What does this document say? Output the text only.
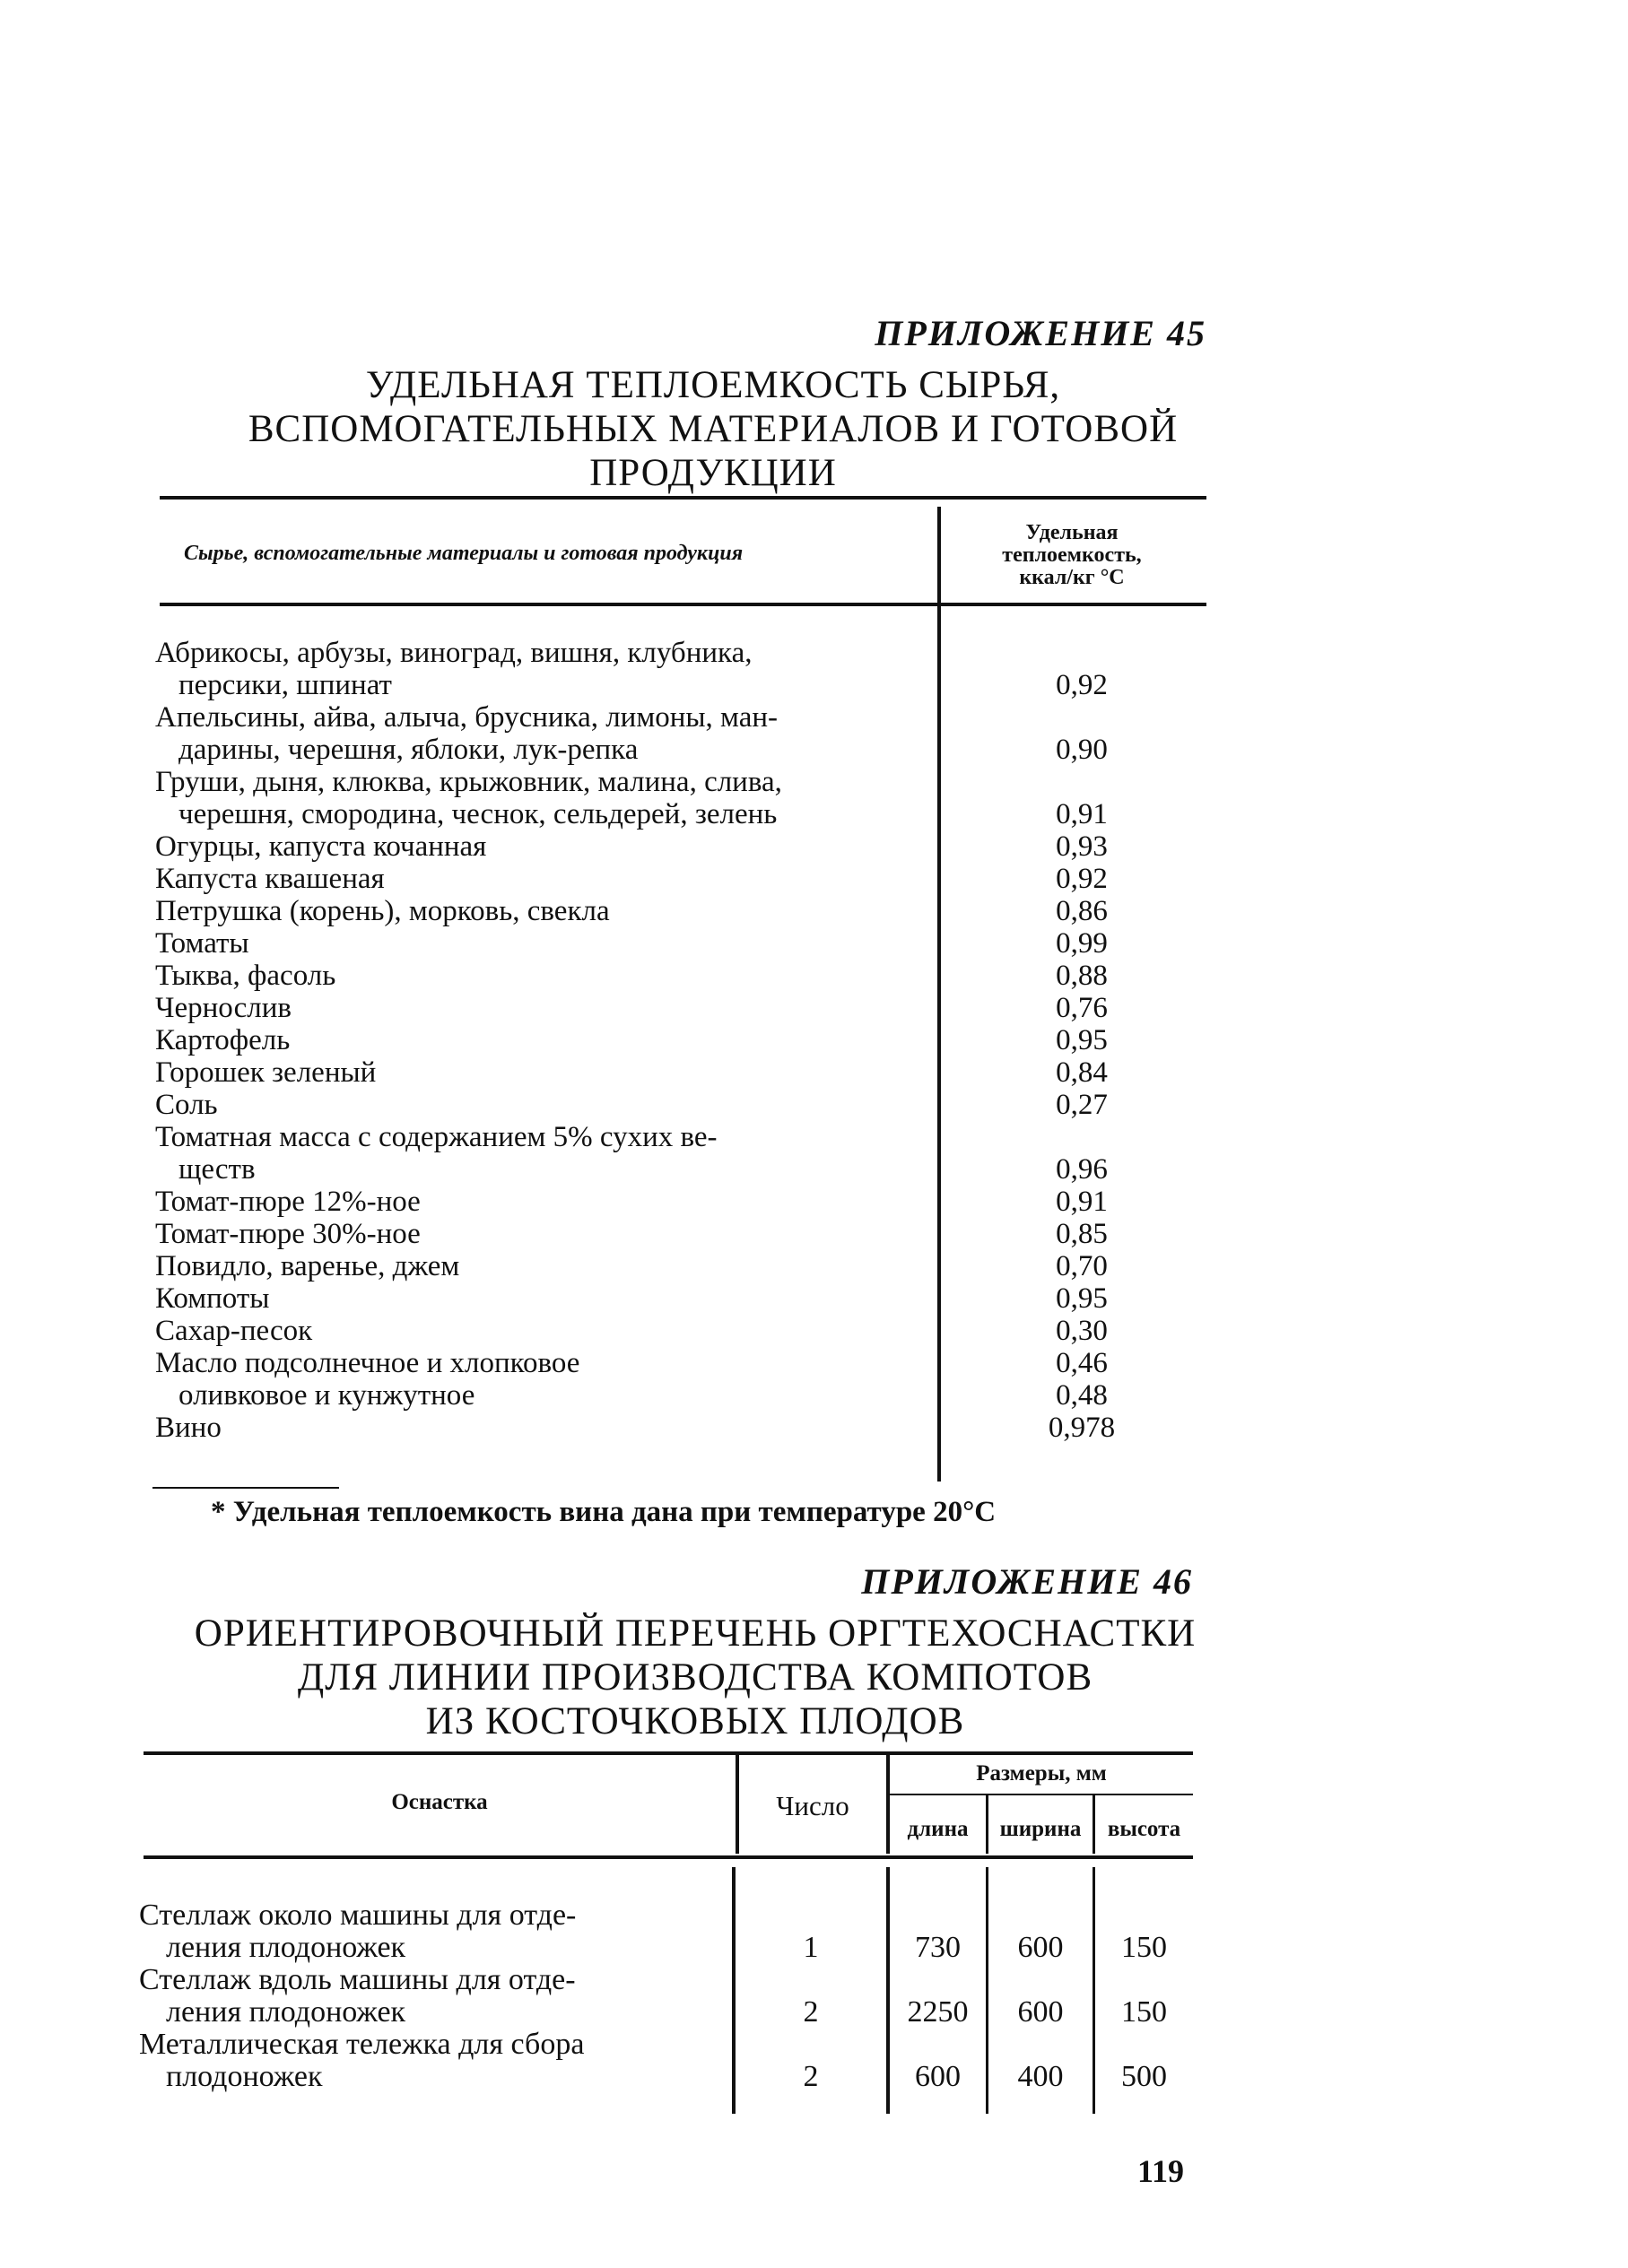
ПРИЛОЖЕНИЕ 45
УДЕЛЬНАЯ ТЕПЛОЕМКОСТЬ СЫРЬЯ,
ВСПОМОГАТЕЛЬНЫХ МАТЕРИАЛОВ И ГОТОВОЙ
ПРОДУКЦИИ
Сырье, вспомогательные материалы и готовая продукция
Удельная
теплоемкость,
ккал/кг °С
Абрикосы, арбузы, виноград, вишня, клубника,
персики, шпинат	0,92
Апельсины, айва, алыча, брусника, лимоны, ман-
дарины, черешня, яблоки, лук-репка	0,90
Груши, дыня, клюква, крыжовник, малина, слива,
черешня, смородина, чеснок, сельдерей, зелень	0,91
Огурцы, капуста кочанная	0,93
Капуста квашеная	0,92
Петрушка (корень), морковь, свекла	0,86
Томаты	0,99
Тыква, фасоль	0,88
Чернослив	0,76
Картофель	0,95
Горошек зеленый	0,84
Соль	0,27
Томатная масса с содержанием 5% сухих ве-
ществ	0,96
Томат-пюре 12%-ное	0,91
Томат-пюре 30%-ное	0,85
Повидло, варенье, джем	0,70
Компоты	0,95
Сахар-песок	0,30
Масло подсолнечное и хлопковое	0,46
оливковое и кунжутное	0,48
Вино	0,978
* Удельная теплоемкость вина дана при температуре 20°С
ПРИЛОЖЕНИЕ 46
ОРИЕНТИРОВОЧНЫЙ ПЕРЕЧЕНЬ ОРГТЕХОСНАСТКИ
ДЛЯ ЛИНИИ ПРОИЗВОДСТВА КОМПОТОВ
ИЗ КОСТОЧКОВЫХ ПЛОДОВ
Оснастка	Число
Размеры, мм
длина	ширина	высота
Стеллаж около машины для отде-
ления плодоножек	1	730	600	150
Стеллаж вдоль машины для отде-
ления плодоножек	2	2250	600	150
Металлическая тележка для сбора
плодоножек	2	600	400	500
119
